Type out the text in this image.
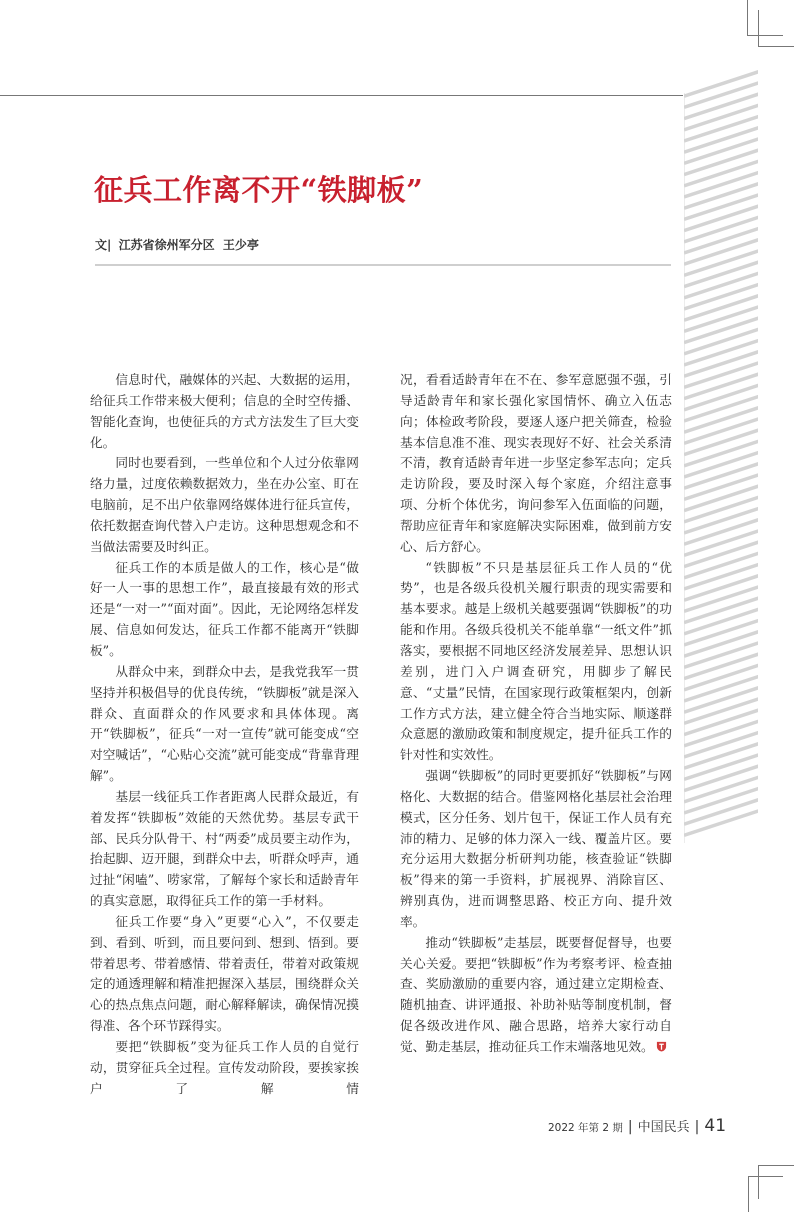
征兵工作离不开“铁脚板”
文| 江苏省徐州军分区  王少亭

信息时代，融媒体的兴起、大数据的运用，给征兵工作带来极大便利；信息的全时空传播、智能化查询，也使征兵的方式方法发生了巨大变化。

同时也要看到，一些单位和个人过分依靠网络力量，过度依赖数据效力，坐在办公室、盯在电脑前，足不出户依靠网络媒体进行征兵宣传，依托数据查询代替入户走访。这种思想观念和不当做法需要及时纠正。

征兵工作的本质是做人的工作，核心是“做好一人一事的思想工作”，最直接最有效的形式还是“一对一”“面对面”。因此，无论网络怎样发展、信息如何发达，征兵工作都不能离开“铁脚板”。

从群众中来，到群众中去，是我党我军一贯坚持并积极倡导的优良传统，“铁脚板”就是深入群众、直面群众的作风要求和具体体现。离开“铁脚板”，征兵“一对一宣传”就可能变成“空对空喊话”，“心贴心交流”就可能变成“背靠背理解”。

基层一线征兵工作者距离人民群众最近，有着发挥“铁脚板”效能的天然优势。基层专武干部、民兵分队骨干、村“两委”成员要主动作为，抬起脚、迈开腿，到群众中去，听群众呼声，通过扯“闲嗑”、唠家常，了解每个家长和适龄青年的真实意愿，取得征兵工作的第一手材料。

征兵工作要“身入”更要“心入”，不仅要走到、看到、听到，而且要问到、想到、悟到。要带着思考、带着感情、带着责任，带着对政策规定的通透理解和精准把握深入基层，围绕群众关心的热点焦点问题，耐心解释解读，确保情况摸得准、各个环节踩得实。

要把“铁脚板”变为征兵工作人员的自觉行动，贯穿征兵全过程。宣传发动阶段，要挨家挨户了解情

况，看看适龄青年在不在、参军意愿强不强，引导适龄青年和家长强化家国情怀、确立入伍志向；体检政考阶段，要逐人逐户把关筛查，检验基本信息准不准、现实表现好不好、社会关系清不清，教育适龄青年进一步坚定参军志向；定兵走访阶段，要及时深入每个家庭，介绍注意事项、分析个体优劣，询问参军入伍面临的问题，帮助应征青年和家庭解决实际困难，做到前方安心、后方舒心。

“铁脚板”不只是基层征兵工作人员的“优势”，也是各级兵役机关履行职责的现实需要和基本要求。越是上级机关越要强调“铁脚板”的功能和作用。各级兵役机关不能单靠“一纸文件”抓落实，要根据不同地区经济发展差异、思想认识差别，进门入户调查研究，用脚步了解民意、“丈量”民情，在国家现行政策框架内，创新工作方式方法，建立健全符合当地实际、顺遂群众意愿的激励政策和制度规定，提升征兵工作的针对性和实效性。

强调“铁脚板”的同时更要抓好“铁脚板”与网格化、大数据的结合。借鉴网格化基层社会治理模式，区分任务、划片包干，保证工作人员有充沛的精力、足够的体力深入一线、覆盖片区。要充分运用大数据分析研判功能，核查验证“铁脚板”得来的第一手资料，扩展视界、消除盲区、辨别真伪，进而调整思路、校正方向、提升效率。

推动“铁脚板”走基层，既要督促督导，也要关心关爱。要把“铁脚板”作为考察考评、检查抽查、奖励激励的重要内容，通过建立定期检查、随机抽查、讲评通报、补助补贴等制度机制，督促各级改进作风、融合思路，培养大家行动自觉、勤走基层，推动征兵工作末端落地见效。

2022 年第 2 期 | 中国民兵 | 41
